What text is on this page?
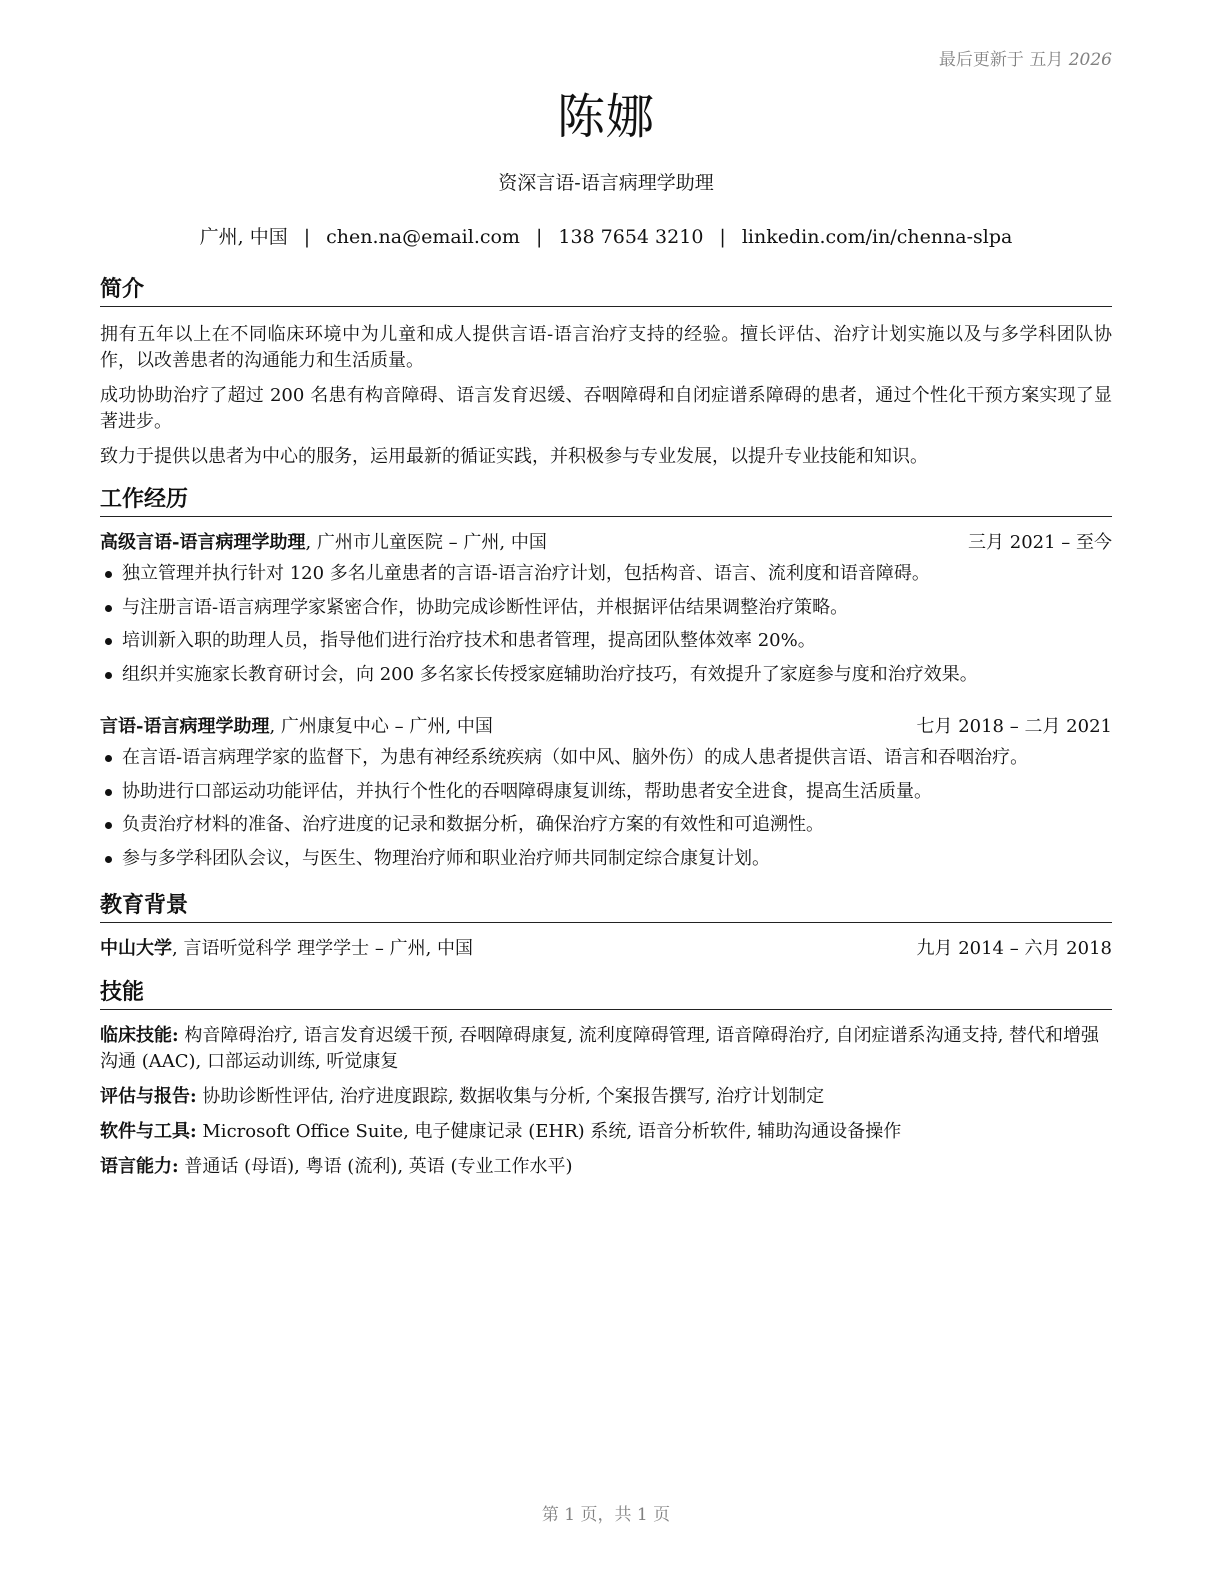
最后更新于 五月 2026
陈娜
资深言语-语言病理学助理
广州, 中国 | chen.na@email.com | 138 7654 3210 | linkedin.com/in/chenna-slpa
简介
拥有五年以上在不同临床环境中为儿童和成人提供言语-语言治疗支持的经验。擅长评估、治疗计划实施以及与多学科团队协作，以改善患者的沟通能力和生活质量。
成功协助治疗了超过 200 名患有构音障碍、语言发育迟缓、吞咽障碍和自闭症谱系障碍的患者，通过个性化干预方案实现了显著进步。
致力于提供以患者为中心的服务，运用最新的循证实践，并积极参与专业发展，以提升专业技能和知识。
工作经历
高级言语-语言病理学助理, 广州市儿童医院 – 广州, 中国	三月 2021 – 至今
独立管理并执行针对 120 多名儿童患者的言语-语言治疗计划，包括构音、语言、流利度和语音障碍。
与注册言语-语言病理学家紧密合作，协助完成诊断性评估，并根据评估结果调整治疗策略。
培训新入职的助理人员，指导他们进行治疗技术和患者管理，提高团队整体效率 20%。
组织并实施家长教育研讨会，向 200 多名家长传授家庭辅助治疗技巧，有效提升了家庭参与度和治疗效果。
言语-语言病理学助理, 广州康复中心 – 广州, 中国	七月 2018 – 二月 2021
在言语-语言病理学家的监督下，为患有神经系统疾病（如中风、脑外伤）的成人患者提供言语、语言和吞咽治疗。
协助进行口部运动功能评估，并执行个性化的吞咽障碍康复训练，帮助患者安全进食，提高生活质量。
负责治疗材料的准备、治疗进度的记录和数据分析，确保治疗方案的有效性和可追溯性。
参与多学科团队会议，与医生、物理治疗师和职业治疗师共同制定综合康复计划。
教育背景
中山大学, 言语听觉科学 理学学士 – 广州, 中国	九月 2014 – 六月 2018
技能
临床技能: 构音障碍治疗, 语言发育迟缓干预, 吞咽障碍康复, 流利度障碍管理, 语音障碍治疗, 自闭症谱系沟通支持, 替代和增强沟通 (AAC), 口部运动训练, 听觉康复
评估与报告: 协助诊断性评估, 治疗进度跟踪, 数据收集与分析, 个案报告撰写, 治疗计划制定
软件与工具: Microsoft Office Suite, 电子健康记录 (EHR) 系统, 语音分析软件, 辅助沟通设备操作
语言能力: 普通话 (母语), 粤语 (流利), 英语 (专业工作水平)
第 1 页，共 1 页
